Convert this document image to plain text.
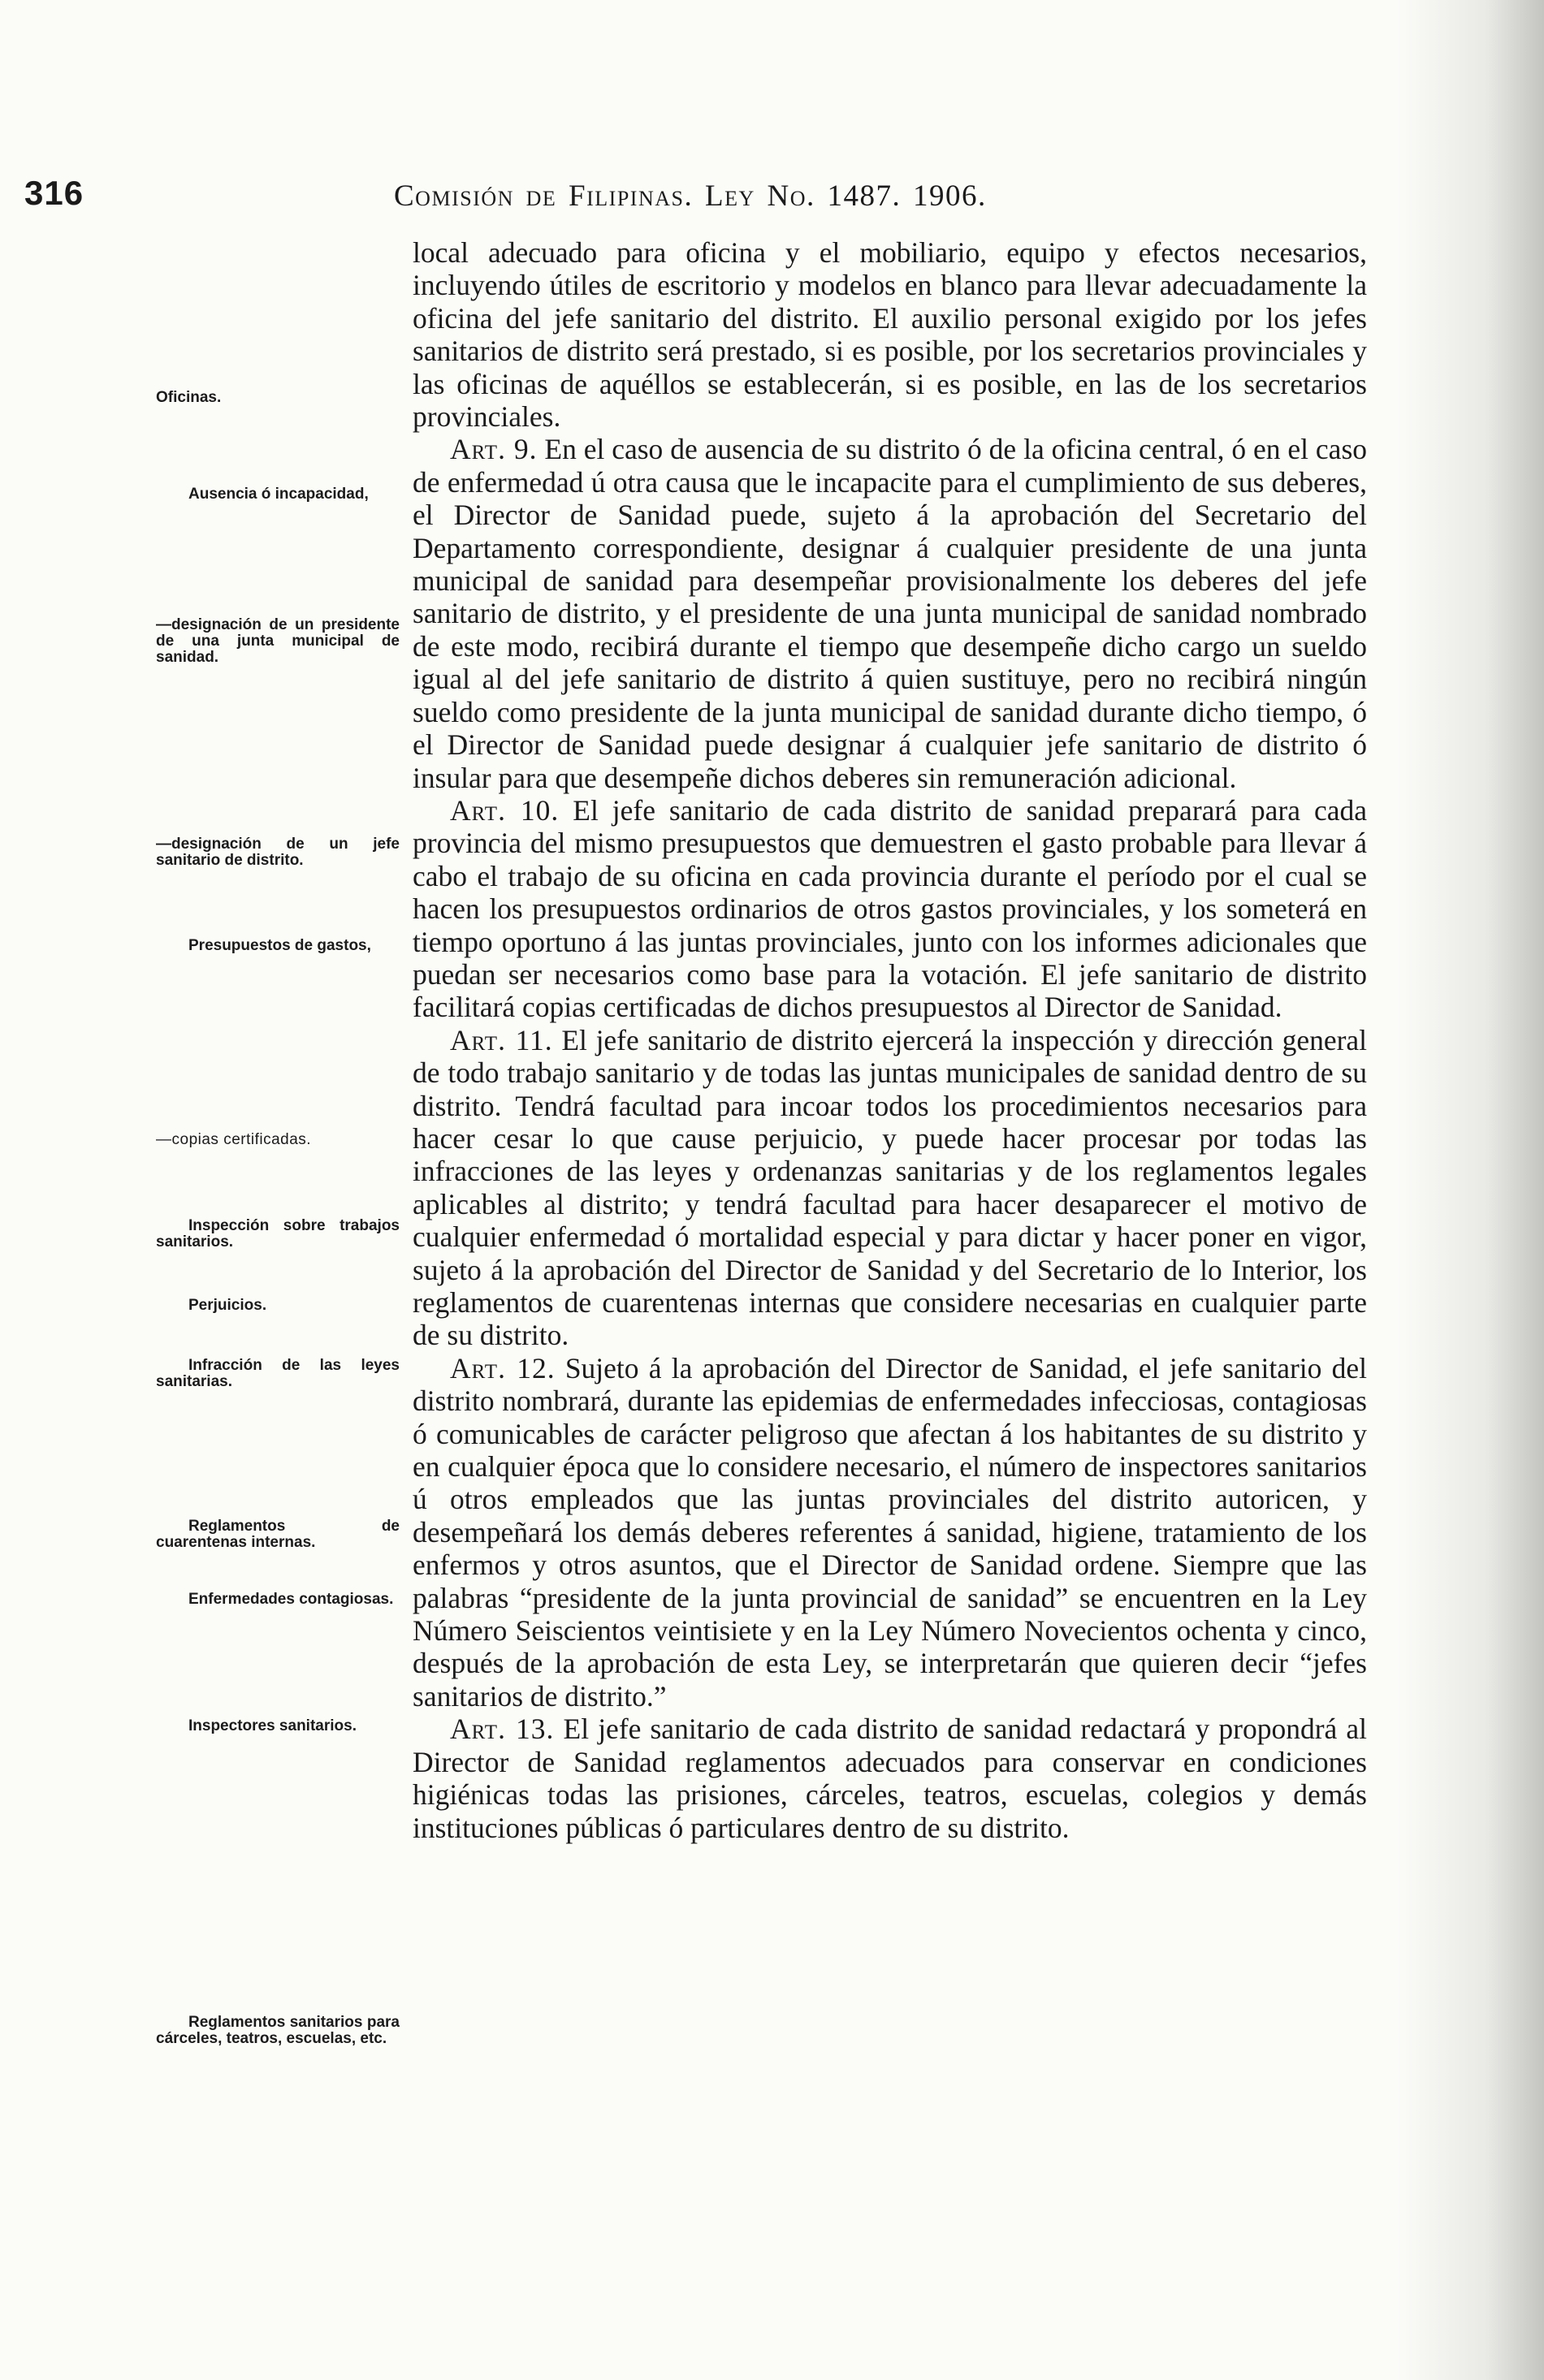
316	Comisión de Filipinas. Ley No. 1487. 1906.
Oficinas.
Ausencia ó incapacidad,
—designación de un presidente de una junta municipal de sanidad.
—designación de un jefe sanitario de distrito.
Presupuestos de gastos,
—copias certificadas.
Inspección sobre trabajos sanitarios.
Perjuicios.
Infracción de las leyes sanitarias.
Reglamentos de cuarentenas internas.
Enfermedades contagiosas.
Inspectores sanitarios.
Reglamentos sanitarios para cárceles, teatros, escuelas, etc.

local adecuado para oficina y el mobiliario, equipo y efectos necesarios, incluyendo útiles de escritorio y modelos en blanco para llevar adecuadamente la oficina del jefe sanitario del distrito. El auxilio personal exigido por los jefes sanitarios de distrito será prestado, si es posible, por los secretarios provinciales y las oficinas de aquéllos se establecerán, si es posible, en las de los secretarios provinciales.

Art. 9. En el caso de ausencia de su distrito ó de la oficina central, ó en el caso de enfermedad ú otra causa que le incapacite para el cumplimiento de sus deberes, el Director de Sanidad puede, sujeto á la aprobación del Secretario del Departamento correspondiente, designar á cualquier presidente de una junta municipal de sanidad para desempeñar provisionalmente los deberes del jefe sanitario de distrito, y el presidente de una junta municipal de sanidad nombrado de este modo, recibirá durante el tiempo que desempeñe dicho cargo un sueldo igual al del jefe sanitario de distrito á quien sustituye, pero no recibirá ningún sueldo como presidente de la junta municipal de sanidad durante dicho tiempo, ó el Director de Sanidad puede designar á cualquier jefe sanitario de distrito ó insular para que desempeñe dichos deberes sin remuneración adicional.

Art. 10. El jefe sanitario de cada distrito de sanidad preparará para cada provincia del mismo presupuestos que demuestren el gasto probable para llevar á cabo el trabajo de su oficina en cada provincia durante el período por el cual se hacen los presupuestos ordinarios de otros gastos provinciales, y los someterá en tiempo oportuno á las juntas provinciales, junto con los informes adicionales que puedan ser necesarios como base para la votación. El jefe sanitario de distrito facilitará copias certificadas de dichos presupuestos al Director de Sanidad.

Art. 11. El jefe sanitario de distrito ejercerá la inspección y dirección general de todo trabajo sanitario y de todas las juntas municipales de sanidad dentro de su distrito. Tendrá facultad para incoar todos los procedimientos necesarios para hacer cesar lo que cause perjuicio, y puede hacer procesar por todas las infracciones de las leyes y ordenanzas sanitarias y de los reglamentos legales aplicables al distrito; y tendrá facultad para hacer desaparecer el motivo de cualquier enfermedad ó mortalidad especial y para dictar y hacer poner en vigor, sujeto á la aprobación del Director de Sanidad y del Secretario de lo Interior, los reglamentos de cuarentenas internas que considere necesarias en cualquier parte de su distrito.

Art. 12. Sujeto á la aprobación del Director de Sanidad, el jefe sanitario del distrito nombrará, durante las epidemias de enfermedades infecciosas, contagiosas ó comunicables de carácter peligroso que afectan á los habitantes de su distrito y en cualquier época que lo considere necesario, el número de inspectores sanitarios ú otros empleados que las juntas provinciales del distrito autoricen, y desempeñará los demás deberes referentes á sanidad, higiene, tratamiento de los enfermos y otros asuntos, que el Director de Sanidad ordene. Siempre que las palabras “presidente de la junta provincial de sanidad” se encuentren en la Ley Número Seiscientos veintisiete y en la Ley Número Novecientos ochenta y cinco, después de la aprobación de esta Ley, se interpretarán que quieren decir “jefes sanitarios de distrito.”

Art. 13. El jefe sanitario de cada distrito de sanidad redactará y propondrá al Director de Sanidad reglamentos adecuados para conservar en condiciones higiénicas todas las prisiones, cárceles, teatros, escuelas, colegios y demás instituciones públicas ó particulares dentro de su distrito.
